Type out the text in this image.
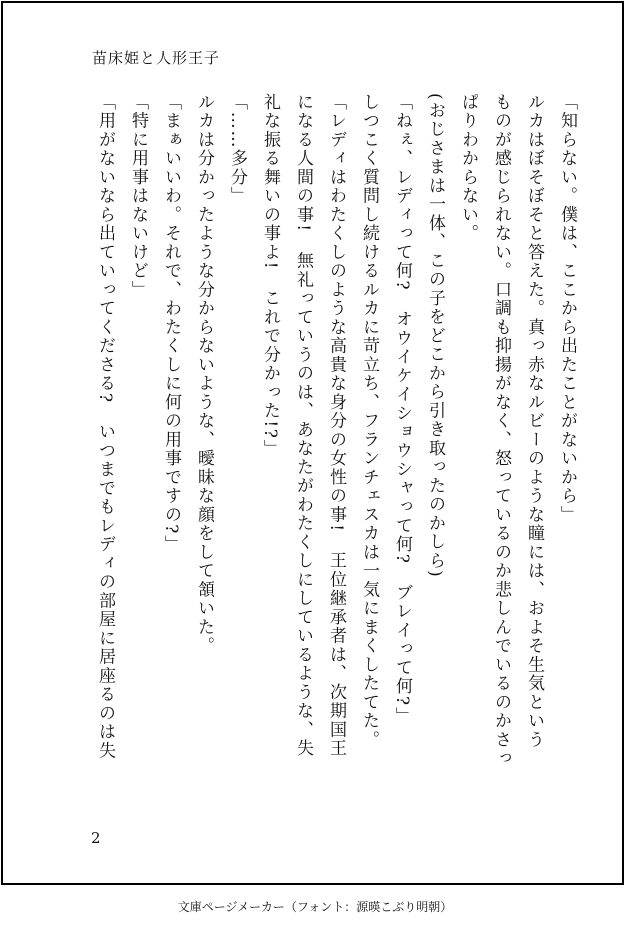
苗床姫と人形王子
「知らない。僕は、ここから出たことがないから」
ルカはぼそぼそと答えた。真っ赤なルビーのような瞳には、およそ生気という
ものが感じられない。口調も抑揚がなく、怒っているのか悲しんでいるのかさっ
ぱりわからない。
(おじさまは一体、この子をどこから引き取ったのかしら)
「ねぇ、レディって何?　オウイケイショウシャって何?　ブレイって何?」
しつこく質問し続けるルカに苛立ち、フランチェスカは一気にまくしたてた。
「レディはわたくしのような高貴な身分の女性の事!　王位継承者は、次期国王
になる人間の事!　無礼っていうのは、あなたがわたくしにしているような、失
礼な振る舞いの事よ!　これで分かった!?」
「……多分」
ルカは分かったような分からないような、曖昧な顔をして頷いた。
「まぁいいわ。それで、わたくしに何の用事ですの?」
「特に用事はないけど」
「用がないなら出ていってくださる?　いつまでもレディの部屋に居座るのは失
2
文庫ページメーカー（フォント：源暎こぶり明朝）
